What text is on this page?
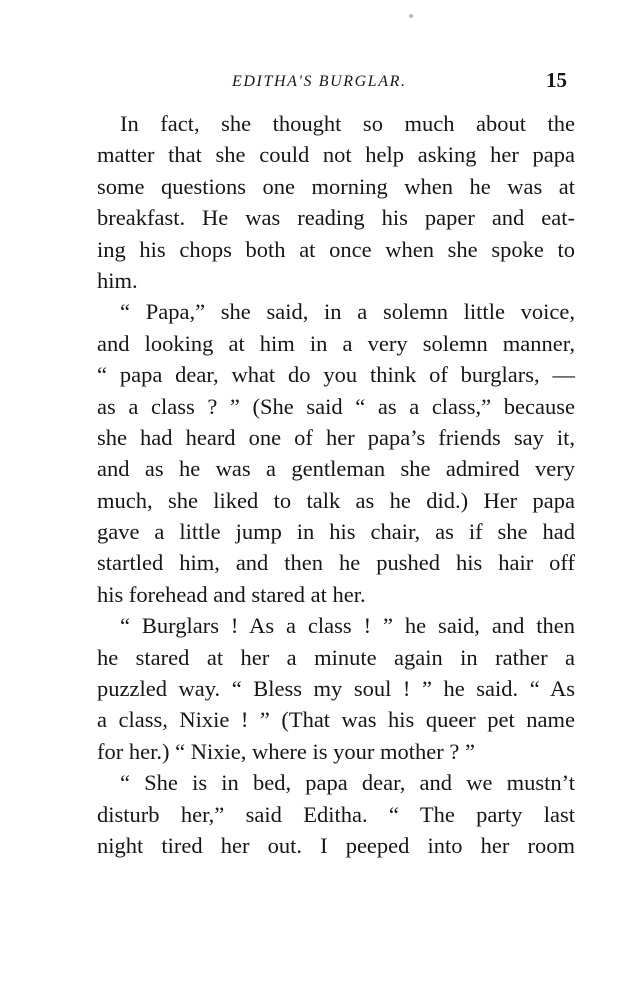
EDITHA'S BURGLAR.	15
In fact, she thought so much about the
matter that she could not help asking her papa
some questions one morning when he was at
breakfast. He was reading his paper and eat-
ing his chops both at once when she spoke to
him.
“ Papa,” she said, in a solemn little voice,
and looking at him in a very solemn manner,
“ papa dear, what do you think of burglars, —
as a class ? ” (She said “ as a class,” because
she had heard one of her papa’s friends say it,
and as he was a gentleman she admired very
much, she liked to talk as he did.) Her papa
gave a little jump in his chair, as if she had
startled him, and then he pushed his hair off
his forehead and stared at her.
“ Burglars ! As a class ! ” he said, and then
he stared at her a minute again in rather a
puzzled way. “ Bless my soul ! ” he said. “ As
a class, Nixie ! ” (That was his queer pet name
for her.) “ Nixie, where is your mother ? ”
“ She is in bed, papa dear, and we mustn’t
disturb her,” said Editha. “ The party last
night tired her out. I peeped into her room
